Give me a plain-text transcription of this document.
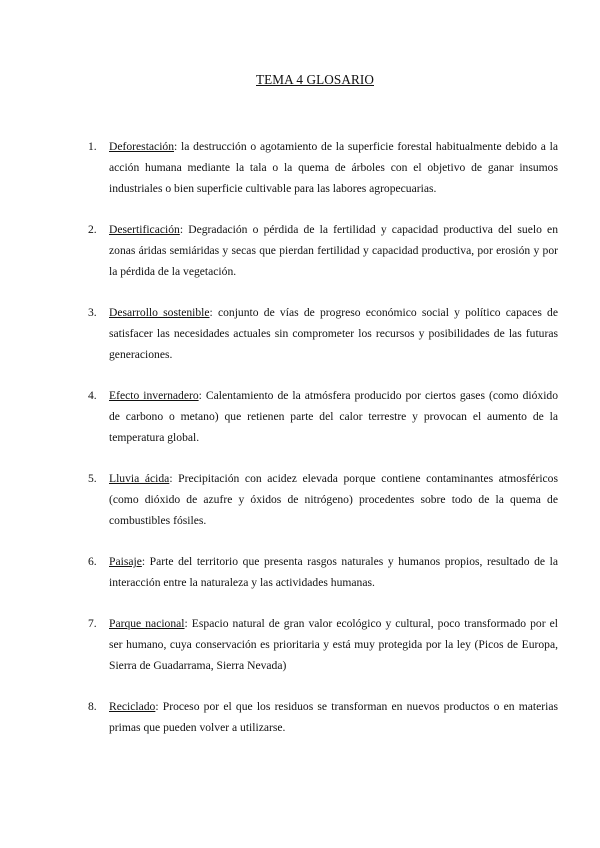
TEMA 4 GLOSARIO
1. Deforestación: la destrucción o agotamiento de la superficie forestal habitualmente debido a la acción humana mediante la tala o la quema de árboles con el objetivo de ganar insumos industriales o bien superficie cultivable para las labores agropecuarias.
2. Desertificación: Degradación o pérdida de la fertilidad y capacidad productiva del suelo en zonas áridas semiáridas y secas que pierdan fertilidad y capacidad productiva, por erosión y por la pérdida de la vegetación.
3. Desarrollo sostenible: conjunto de vías de progreso económico social y político capaces de satisfacer las necesidades actuales sin comprometer los recursos y posibilidades de las futuras generaciones.
4. Efecto invernadero: Calentamiento de la atmósfera producido por ciertos gases (como dióxido de carbono o metano) que retienen parte del calor terrestre y provocan el aumento de la temperatura global.
5. Lluvia ácida: Precipitación con acidez elevada porque contiene contaminantes atmosféricos (como dióxido de azufre y óxidos de nitrógeno) procedentes sobre todo de la quema de combustibles fósiles.
6. Paisaje: Parte del territorio que presenta rasgos naturales y humanos propios, resultado de la interacción entre la naturaleza y las actividades humanas.
7. Parque nacional: Espacio natural de gran valor ecológico y cultural, poco transformado por el ser humano, cuya conservación es prioritaria y está muy protegida por la ley (Picos de Europa, Sierra de Guadarrama, Sierra Nevada)
8. Reciclado: Proceso por el que los residuos se transforman en nuevos productos o en materias primas que pueden volver a utilizarse.
